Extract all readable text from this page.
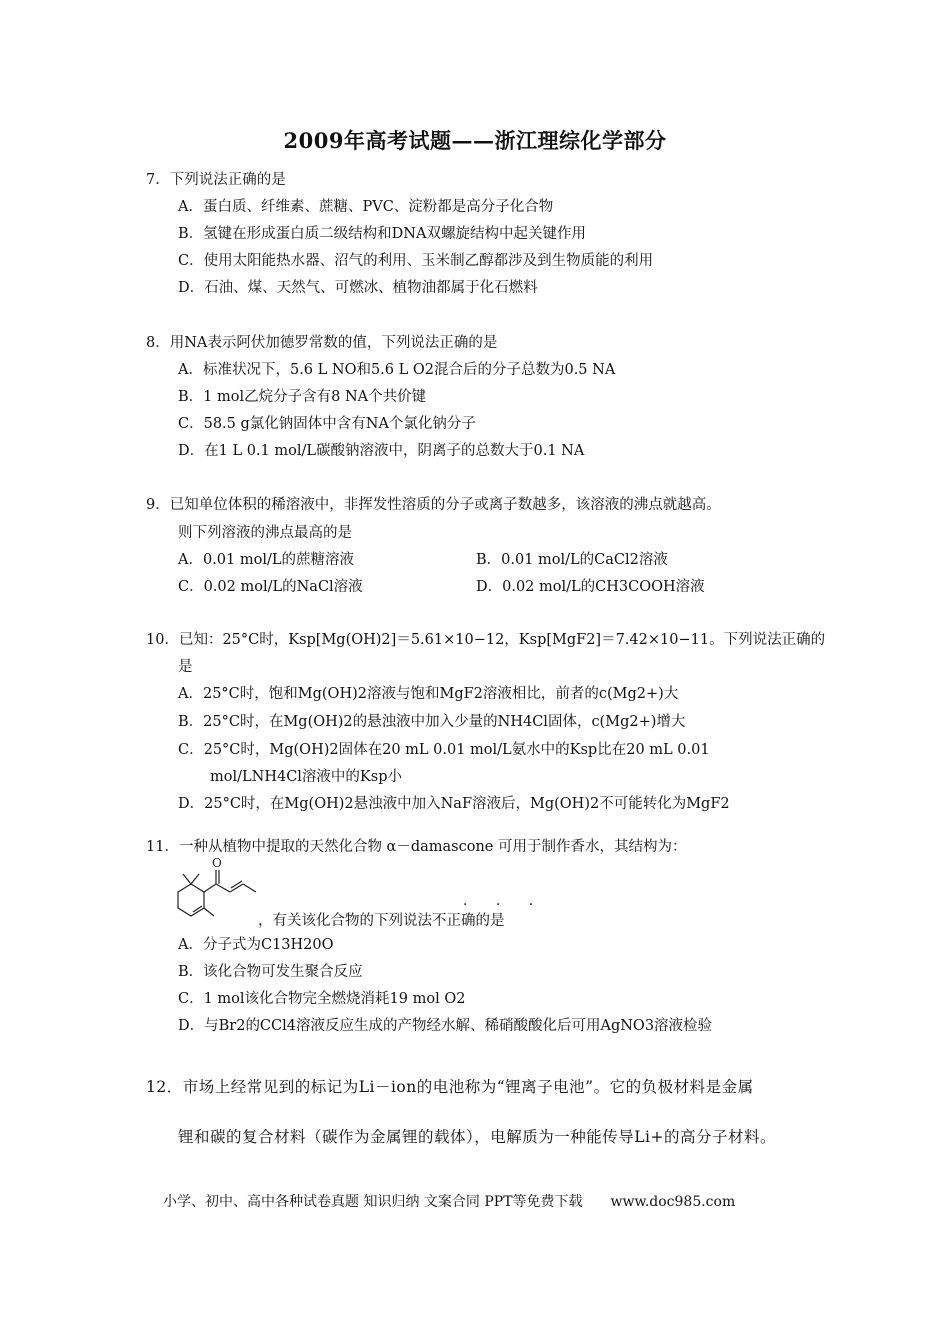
2009年高考试题——浙江理综化学部分
7．下列说法正确的是
A．蛋白质、纤维素、蔗糖、PVC、淀粉都是高分子化合物
B．氢键在形成蛋白质二级结构和DNA双螺旋结构中起关键作用
C．使用太阳能热水器、沼气的利用、玉米制乙醇都涉及到生物质能的利用
D．石油、煤、天然气、可燃冰、植物油都属于化石燃料
8．用NA表示阿伏加德罗常数的值，下列说法正确的是
A．标准状况下，5.6 L NO和5.6 L O2混合后的分子总数为0.5 NA
B．1 mol乙烷分子含有8 NA个共价键
C．58.5 g氯化钠固体中含有NA个氯化钠分子
D．在1 L 0.1 mol/L碳酸钠溶液中，阴离子的总数大于0.1 NA
9．已知单位体积的稀溶液中，非挥发性溶质的分子或离子数越多，该溶液的沸点就越高。
则下列溶液的沸点最高的是
A．0.01 mol/L的蔗糖溶液	B．0.01 mol/L的CaCl2溶液
C．0.02 mol/L的NaCl溶液	D．0.02 mol/L的CH3COOH溶液
10．已知：25°C时，Ksp[Mg(OH)2]＝5.61×10−12，Ksp[MgF2]＝7.42×10−11。下列说法正确的
是
A．25°C时，饱和Mg(OH)2溶液与饱和MgF2溶液相比，前者的c(Mg2+)大
B．25°C时，在Mg(OH)2的悬浊液中加入少量的NH4Cl固体，c(Mg2+)增大
C．25°C时，Mg(OH)2固体在20 mL 0.01 mol/L氨水中的Ksp比在20 mL 0.01
mol/LNH4Cl溶液中的Ksp小
D．25°C时，在Mg(OH)2悬浊液中加入NaF溶液后，Mg(OH)2不可能转化为MgF2
11．一种从植物中提取的天然化合物 α－damascone 可用于制作香水，其结构为：
O
· · ·
，有关该化合物的下列说法不正确的是
A．分子式为C13H20O
B．该化合物可发生聚合反应
C．1 mol该化合物完全燃烧消耗19 mol O2
D．与Br2的CCl4溶液反应生成的产物经水解、稀硝酸酸化后可用AgNO3溶液检验
12．市场上经常见到的标记为Li－ion的电池称为“锂离子电池”。它的负极材料是金属
锂和碳的复合材料（碳作为金属锂的载体），电解质为一种能传导Li+的高分子材料。
小学、初中、高中各种试卷真题 知识归纳 文案合同 PPT等免费下载 www.doc985.com
